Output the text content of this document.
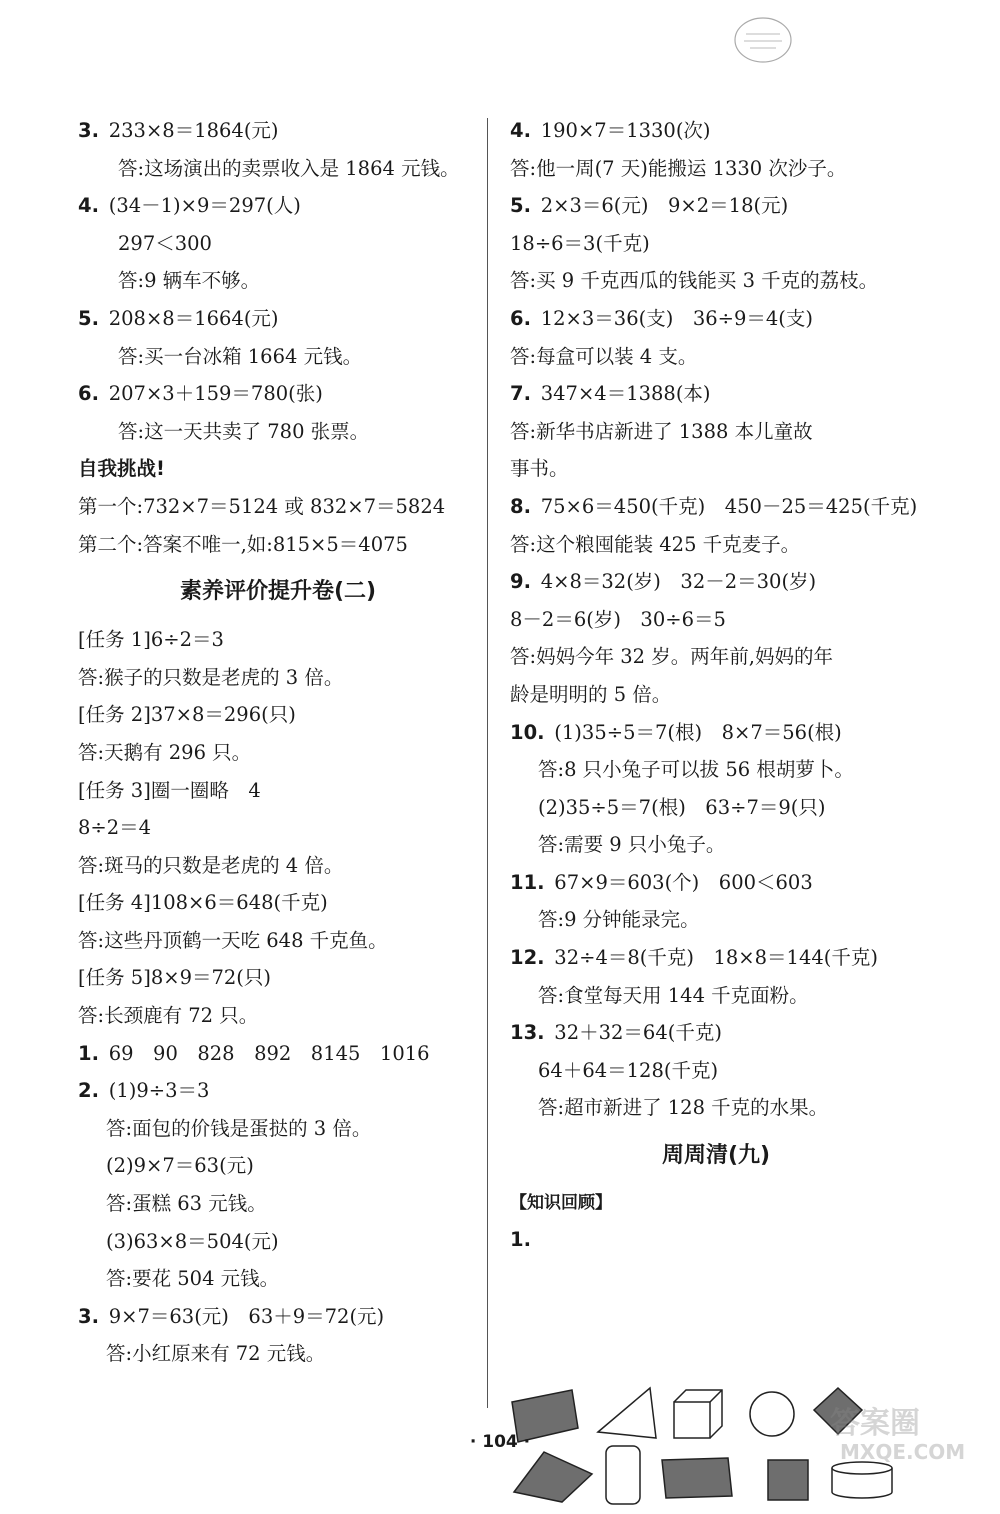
3.  233×8＝1864(元)
答:这场演出的卖票收入是 1864 元钱。
4.  (34－1)×9＝297(人)
297＜300
答:9 辆车不够。
5.  208×8＝1664(元)
答:买一台冰箱 1664 元钱。
6.  207×3＋159＝780(张)
答:这一天共卖了 780 张票。
自我挑战!
第一个:732×7＝5124 或 832×7＝5824
第二个:答案不唯一,如:815×5＝4075
素养评价提升卷(二)
[任务 1]6÷2＝3
答:猴子的只数是老虎的 3 倍。
[任务 2]37×8＝296(只)
答:天鹅有 296 只。
[任务 3]圈一圈略　4
8÷2＝4
答:斑马的只数是老虎的 4 倍。
[任务 4]108×6＝648(千克)
答:这些丹顶鹤一天吃 648 千克鱼。
[任务 5]8×9＝72(只)
答:长颈鹿有 72 只。
1.  69　90　828　892　8145　1016
2.  (1)9÷3＝3
答:面包的价钱是蛋挞的 3 倍。
(2)9×7＝63(元)
答:蛋糕 63 元钱。
(3)63×8＝504(元)
答:要花 504 元钱。
3.  9×7＝63(元)　63＋9＝72(元)
答:小红原来有 72 元钱。
4.  190×7＝1330(次)
答:他一周(7 天)能搬运 1330 次沙子。
5.  2×3＝6(元)　9×2＝18(元)
18÷6＝3(千克)
答:买 9 千克西瓜的钱能买 3 千克的荔枝。
6.  12×3＝36(支)　36÷9＝4(支)
答:每盒可以装 4 支。
7.  347×4＝1388(本)
答:新华书店新进了 1388 本儿童故
事书。
8.  75×6＝450(千克)　450－25＝425(千克)
答:这个粮囤能装 425 千克麦子。
9.  4×8＝32(岁)　32－2＝30(岁)
8－2＝6(岁)　30÷6＝5
答:妈妈今年 32 岁。两年前,妈妈的年
龄是明明的 5 倍。
10.  (1)35÷5＝7(根)　8×7＝56(根)
答:8 只小兔子可以拔 56 根胡萝卜。
(2)35÷5＝7(根)　63÷7＝9(只)
答:需要 9 只小兔子。
11.  67×9＝603(个)　600＜603
答:9 分钟能录完。
12.  32÷4＝8(千克)　18×8＝144(千克)
答:食堂每天用 144 千克面粉。
13.  32＋32＝64(千克)
64＋64＝128(千克)
答:超市新进了 128 千克的水果。
周周清(九)
【知识回顾】
1. 
· 104 ·
答案圈
MXQE.COM
